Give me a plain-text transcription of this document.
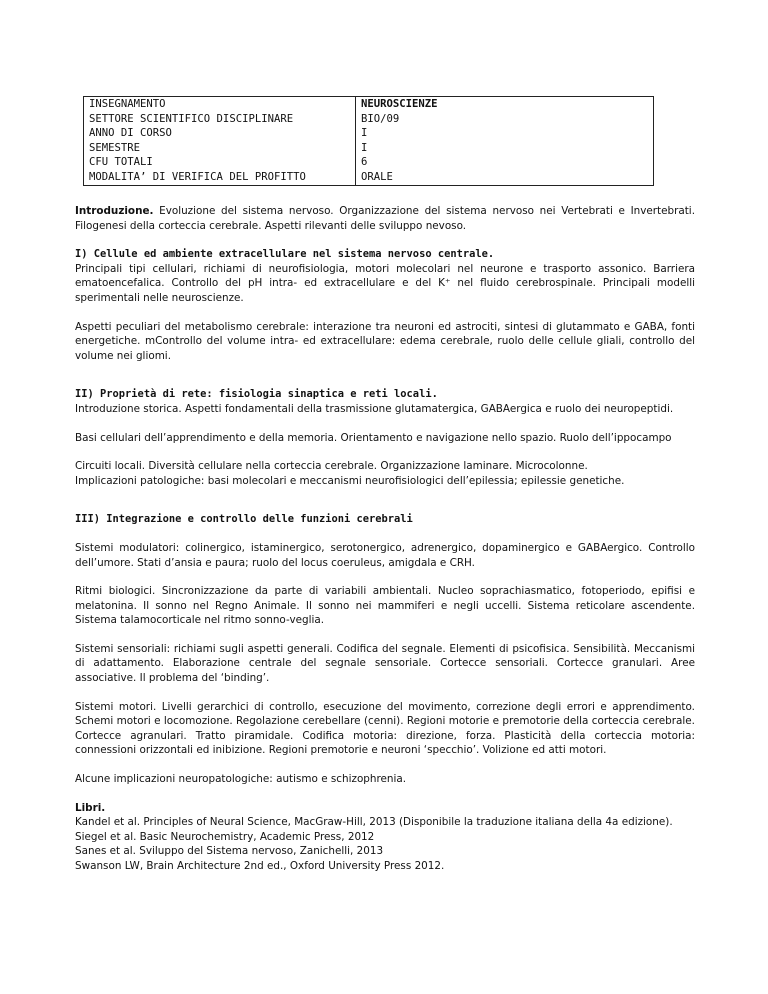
INSEGNAMENTO	NEUROSCIENZE
SETTORE SCIENTIFICO DISCIPLINARE	BIO/09
ANNO DI CORSO	I
SEMESTRE	I
CFU TOTALI	6
MODALITA’ DI VERIFICA DEL PROFITTO	ORALE

Introduzione. Evoluzione del sistema nervoso. Organizzazione del sistema nervoso nei Vertebrati e Invertebrati. Filogenesi della corteccia cerebrale. Aspetti rilevanti delle sviluppo nevoso.

I) Cellule ed ambiente extracellulare nel sistema nervoso centrale.

Principali tipi cellulari, richiami di neurofisiologia, motori molecolari nel neurone e trasporto assonico. Barriera ematoencefalica. Controllo del pH intra- ed extracellulare e del K⁺ nel fluido cerebrospinale. Principali modelli sperimentali nelle neuroscienze.

Aspetti peculiari del metabolismo cerebrale: interazione tra neuroni ed astrociti, sintesi di glutammato e GABA, fonti energetiche. mControllo del volume intra- ed extracellulare: edema cerebrale, ruolo delle cellule gliali, controllo del volume nei gliomi.

II) Proprietà di rete: fisiologia sinaptica e reti locali.

Introduzione storica. Aspetti fondamentali della trasmissione glutamatergica, GABAergica e ruolo dei neuropeptidi.

Basi cellulari dell’apprendimento e della memoria. Orientamento e navigazione nello spazio. Ruolo dell’ippocampo

Circuiti locali. Diversità cellulare nella corteccia cerebrale. Organizzazione laminare. Microcolonne.

Implicazioni patologiche: basi molecolari e meccanismi neurofisiologici dell’epilessia; epilessie genetiche.

III) Integrazione e controllo delle funzioni cerebrali

Sistemi modulatori: colinergico, istaminergico, serotonergico, adrenergico, dopaminergico e GABAergico. Controllo dell’umore. Stati d’ansia e paura; ruolo del locus coeruleus, amigdala e CRH.

Ritmi biologici. Sincronizzazione da parte di variabili ambientali. Nucleo soprachiasmatico, fotoperiodo, epifisi e melatonina. Il sonno nel Regno Animale. Il sonno nei mammiferi e negli uccelli. Sistema reticolare ascendente. Sistema talamocorticale nel ritmo sonno-veglia.

Sistemi sensoriali: richiami sugli aspetti generali. Codifica del segnale. Elementi di psicofisica. Sensibilità. Meccanismi di adattamento. Elaborazione centrale del segnale sensoriale. Cortecce sensoriali. Cortecce granulari. Aree associative. Il problema del ‘binding’.

Sistemi motori. Livelli gerarchici di controllo, esecuzione del movimento, correzione degli errori e apprendimento. Schemi motori e locomozione. Regolazione cerebellare (cenni). Regioni motorie e premotorie della corteccia cerebrale. Cortecce agranulari. Tratto piramidale. Codifica motoria: direzione, forza. Plasticità della corteccia motoria: connessioni orizzontali ed inibizione. Regioni premotorie e neuroni ‘specchio’. Volizione ed atti motori.

Alcune implicazioni neuropatologiche: autismo e schizophrenia.

Libri.

Kandel et al. Principles of Neural Science, MacGraw-Hill, 2013 (Disponibile la traduzione italiana della 4a edizione).

Siegel et al. Basic Neurochemistry, Academic Press, 2012

Sanes et al. Sviluppo del Sistema nervoso, Zanichelli, 2013

Swanson LW, Brain Architecture 2nd ed., Oxford University Press 2012.
